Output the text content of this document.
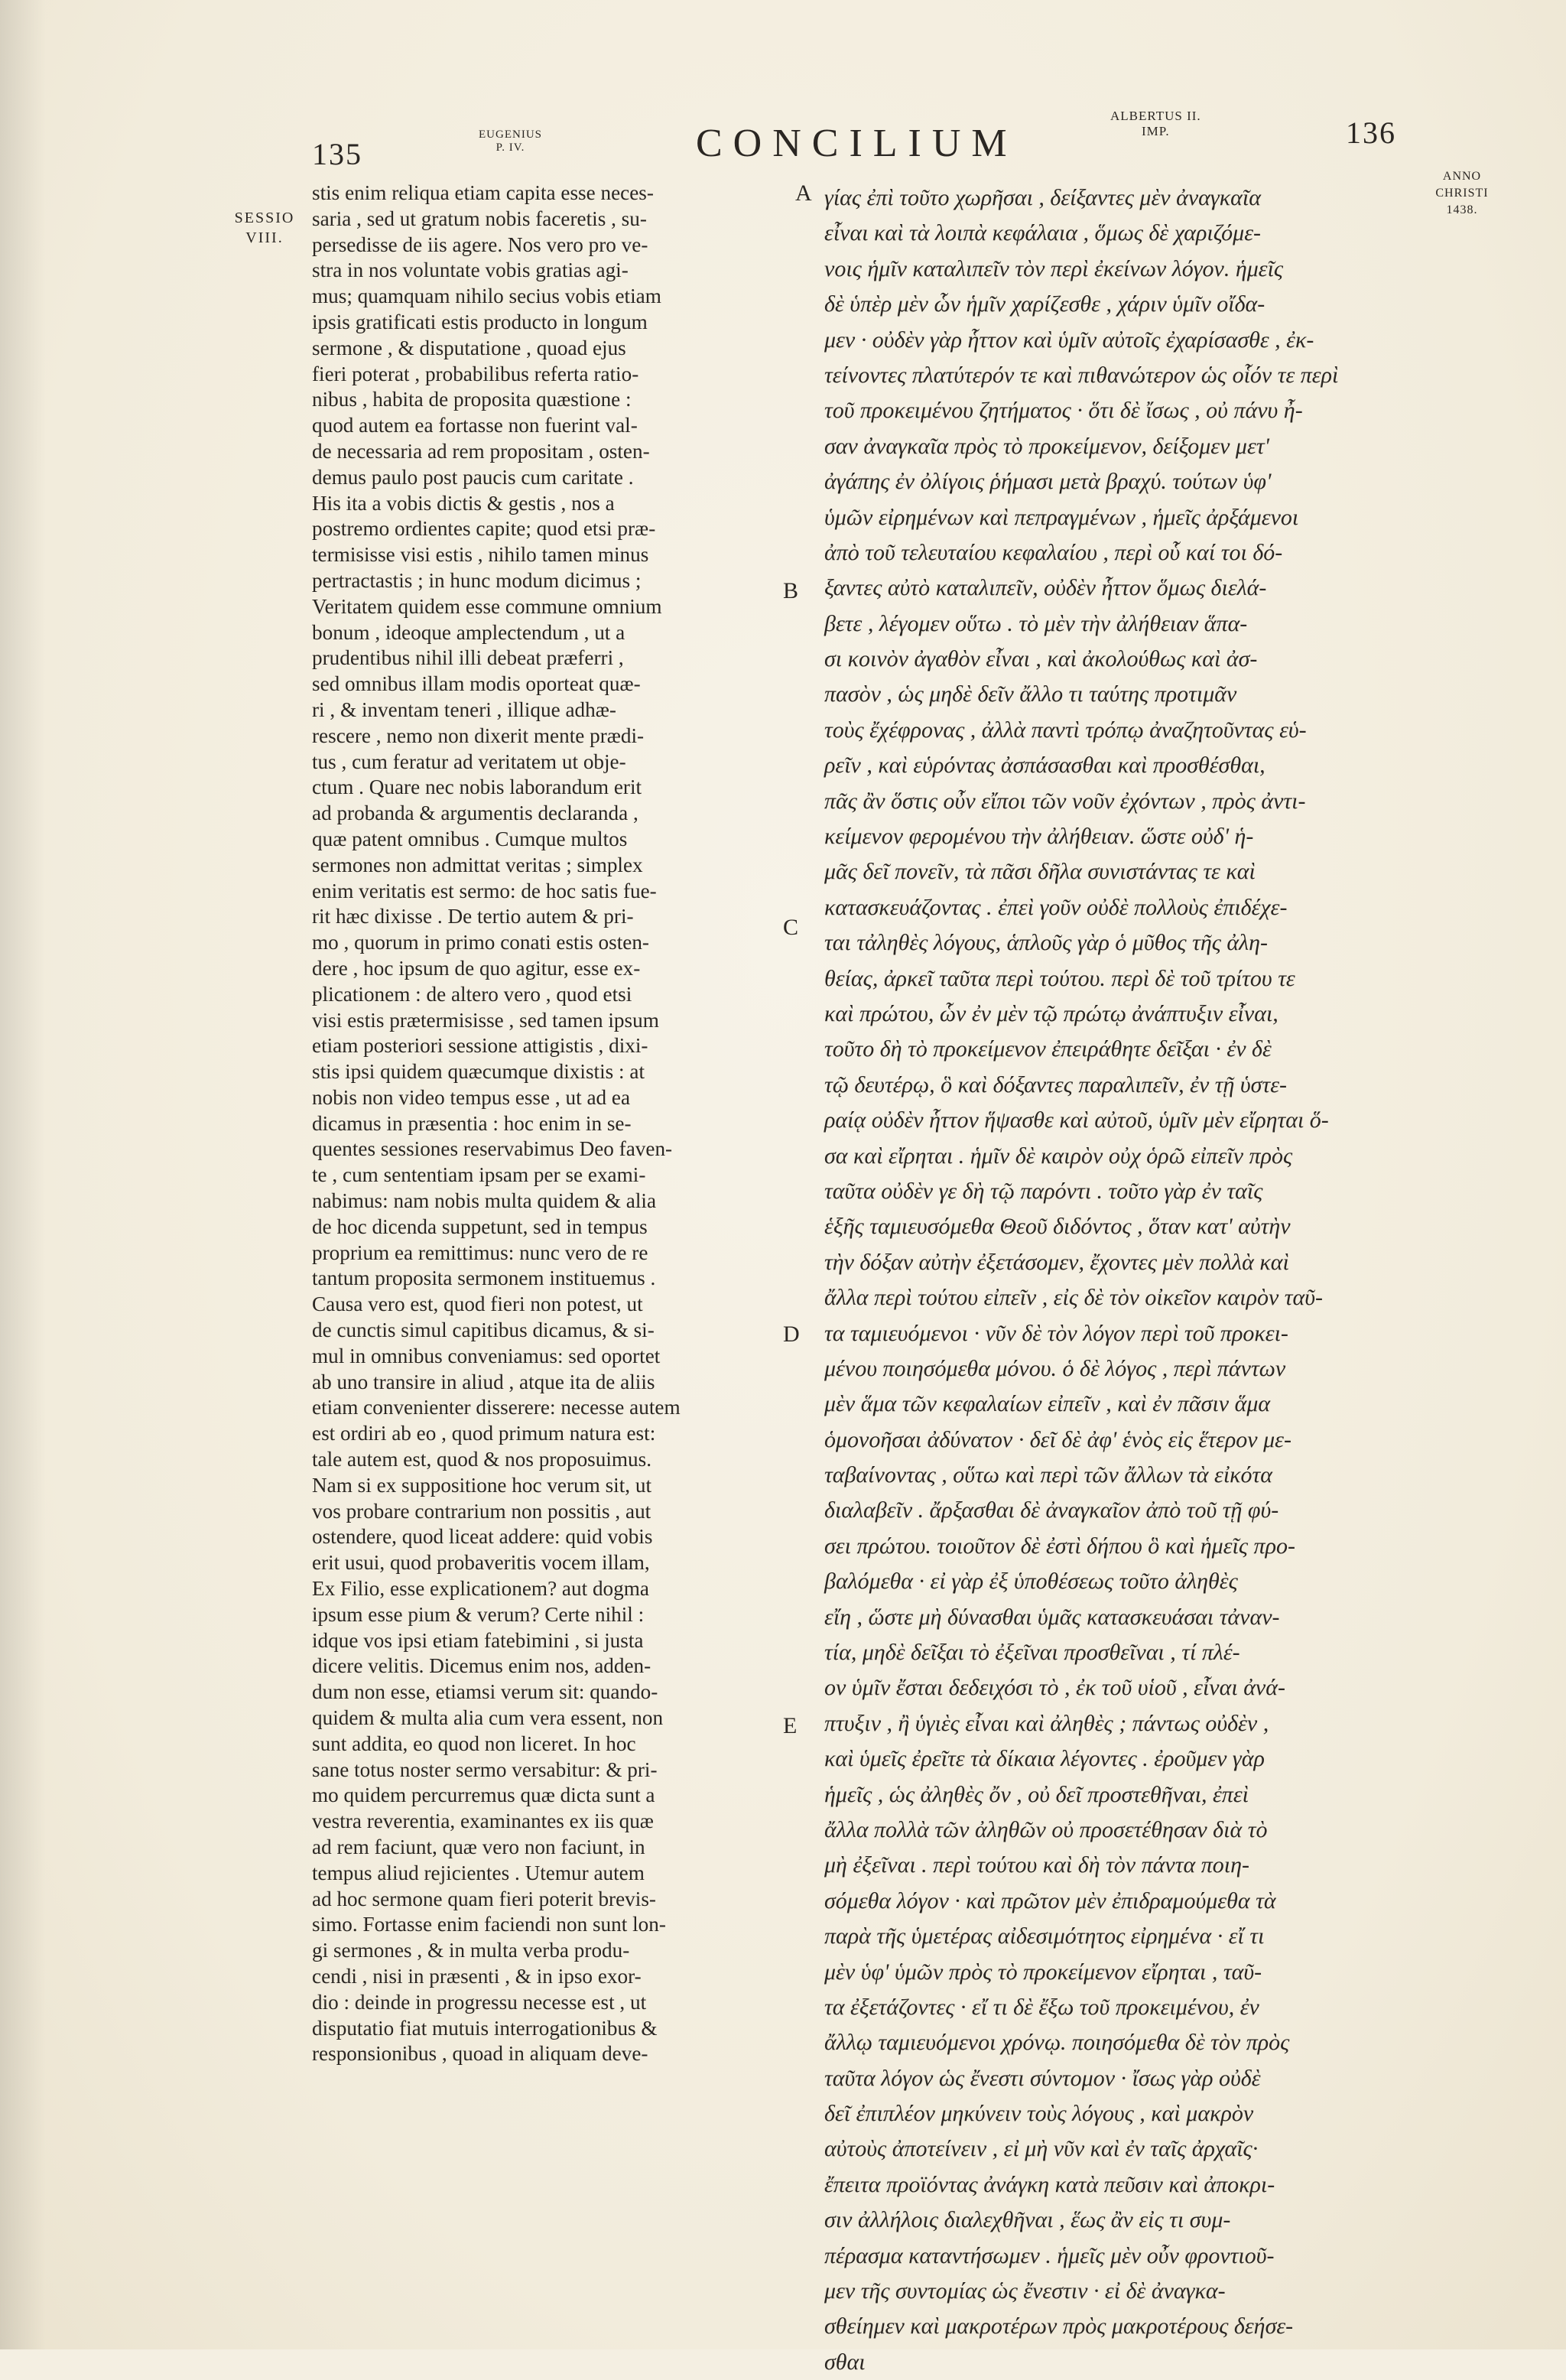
135
EUGENIUS
P. IV.	CONCILIUM
ALBERTUS II.
IMP.	136
SESSIO
VIII.
ANNO
CHRISTI
1438.
A
B
C
D
E
stis enim reliqua etiam capita esse neces-
saria , sed ut gratum nobis faceretis , su-
persedisse de iis agere. Nos vero pro ve-
stra in nos voluntate vobis gratias agi-
mus; quamquam nihilo secius vobis etiam
ipsis gratificati estis producto in longum
sermone , & disputatione , quoad ejus
fieri poterat , probabilibus referta ratio-
nibus , habita de proposita quæstione :
quod autem ea fortasse non fuerint val-
de necessaria ad rem propositam , osten-
demus paulo post paucis cum caritate .
His ita a vobis dictis & gestis , nos a
postremo ordientes capite; quod etsi præ-
termisisse visi estis , nihilo tamen minus
pertractastis ; in hunc modum dicimus ;
Veritatem quidem esse commune omnium
bonum , ideoque amplectendum , ut a
prudentibus nihil illi debeat præferri ,
sed omnibus illam modis oporteat quæ-
ri , & inventam teneri , illique adhæ-
rescere , nemo non dixerit mente prædi-
tus , cum feratur ad veritatem ut obje-
ctum . Quare nec nobis laborandum erit
ad probanda & argumentis declaranda ,
quæ patent omnibus . Cumque multos
sermones non admittat veritas ; simplex
enim veritatis est sermo: de hoc satis fue-
rit hæc dixisse . De tertio autem & pri-
mo , quorum in primo conati estis osten-
dere , hoc ipsum de quo agitur, esse ex-
plicationem : de altero vero , quod etsi
visi estis prætermisisse , sed tamen ipsum
etiam posteriori sessione attigistis , dixi-
stis ipsi quidem quæcumque dixistis : at
nobis non video tempus esse , ut ad ea
dicamus in præsentia : hoc enim in se-
quentes sessiones reservabimus Deo faven-
te , cum sententiam ipsam per se exami-
nabimus: nam nobis multa quidem & alia
de hoc dicenda suppetunt, sed in tempus
proprium ea remittimus: nunc vero de re
tantum proposita sermonem instituemus .
Causa vero est, quod fieri non potest, ut
de cunctis simul capitibus dicamus, & si-
mul in omnibus conveniamus: sed oportet
ab uno transire in aliud , atque ita de aliis
etiam convenienter disserere: necesse autem
est ordiri ab eo , quod primum natura est:
tale autem est, quod & nos proposuimus.
Nam si ex suppositione hoc verum sit, ut
vos probare contrarium non possitis , aut
ostendere, quod liceat addere: quid vobis
erit usui, quod probaveritis vocem illam,
Ex Filio, esse explicationem? aut dogma
ipsum esse pium & verum? Certe nihil :
idque vos ipsi etiam fatebimini , si justa
dicere velitis. Dicemus enim nos, adden-
dum non esse, etiamsi verum sit: quando-
quidem & multa alia cum vera essent, non
sunt addita, eo quod non liceret. In hoc
sane totus noster sermo versabitur: & pri-
mo quidem percurremus quæ dicta sunt a
vestra reverentia, examinantes ex iis quæ
ad rem faciunt, quæ vero non faciunt, in
tempus aliud rejicientes . Utemur autem
ad hoc sermone quam fieri poterit brevis-
simo. Fortasse enim faciendi non sunt lon-
gi sermones , & in multa verba produ-
cendi , nisi in præsenti , & in ipso exor-
dio : deinde in progressu necesse est , ut
disputatio fiat mutuis interrogationibus &
responsionibus , quoad in aliquam deve-
γίας ἐπὶ τοῦτο χωρῆσαι , δείξαντες μὲν ἀναγκαῖα
εἶναι καὶ τὰ λοιπὰ κεφάλαια , ὅμως δὲ χαριζόμε-
νοις ἡμῖν καταλιπεῖν τὸν περὶ ἐκείνων λόγον. ἡμεῖς
δὲ ὑπὲρ μὲν ὧν ἡμῖν χαρίζεσθε , χάριν ὑμῖν οἴδα-
μεν · οὐδὲν γὰρ ἧττον καὶ ὑμῖν αὐτοῖς ἐχαρίσασθε , ἐκ-
τείνοντες πλατύτερόν τε καὶ πιθανώτερον ὡς οἷόν τε περὶ
τοῦ προκειμένου ζητήματος · ὅτι δὲ ἴσως , οὐ πάνυ ἦ-
σαν ἀναγκαῖα πρὸς τὸ προκείμενον, δείξομεν μετ'
ἀγάπης ἐν ὀλίγοις ῥήμασι μετὰ βραχύ. τούτων ὑφ'
ὑμῶν εἰρημένων καὶ πεπραγμένων , ἡμεῖς ἀρξάμενοι
ἀπὸ τοῦ τελευταίου κεφαλαίου , περὶ οὗ καί τοι δό-
ξαντες αὐτὸ καταλιπεῖν, οὐδὲν ἧττον ὅμως διελά-
βετε , λέγομεν οὕτω . τὸ μὲν τὴν ἀλήθειαν ἅπα-
σι κοινὸν ἀγαθὸν εἶναι , καὶ ἀκολούθως καὶ ἀσ-
πασὸν , ὡς μηδὲ δεῖν ἄλλο τι ταύτης προτιμᾶν
τοὺς ἔχέφρονας , ἀλλὰ παντὶ τρόπῳ ἀναζητοῦντας εὑ-
ρεῖν , καὶ εὑρόντας ἀσπάσασθαι καὶ προσθέσθαι,
πᾶς ἂν ὅστις οὖν εἴποι τῶν νοῦν ἐχόντων , πρὸς ἀντι-
κείμενον φερομένου τὴν ἀλήθειαν. ὥστε οὐδ' ἡ-
μᾶς δεῖ πονεῖν, τὰ πᾶσι δῆλα συνιστάντας τε καὶ
κατασκευάζοντας . ἐπεὶ γοῦν οὐδὲ πολλοὺς ἐπιδέχε-
ται τἀληθὲς λόγους, ἁπλοῦς γὰρ ὁ μῦθος τῆς ἀλη-
θείας, ἀρκεῖ ταῦτα περὶ τούτου. περὶ δὲ τοῦ τρίτου τε
καὶ πρώτου, ὧν ἐν μὲν τῷ πρώτῳ ἀνάπτυξιν εἶναι,
τοῦτο δὴ τὸ προκείμενον ἐπειράθητε δεῖξαι · ἐν δὲ
τῷ δευτέρῳ, ὃ καὶ δόξαντες παραλιπεῖν, ἐν τῇ ὑστε-
ραίᾳ οὐδὲν ἧττον ἥψασθε καὶ αὐτοῦ, ὑμῖν μὲν εἴρηται ὅ-
σα καὶ εἴρηται . ἡμῖν δὲ καιρὸν οὐχ ὁρῶ εἰπεῖν πρὸς
ταῦτα οὐδὲν γε δὴ τῷ παρόντι . τοῦτο γὰρ ἐν ταῖς
ἑξῆς ταμιευσόμεθα Θεοῦ διδόντος , ὅταν κατ' αὐτὴν
τὴν δόξαν αὐτὴν ἐξετάσομεν, ἔχοντες μὲν πολλὰ καὶ
ἄλλα περὶ τούτου εἰπεῖν , εἰς δὲ τὸν οἰκεῖον καιρὸν ταῦ-
τα ταμιευόμενοι · νῦν δὲ τὸν λόγον περὶ τοῦ προκει-
μένου ποιησόμεθα μόνου. ὁ δὲ λόγος , περὶ πάντων
μὲν ἅμα τῶν κεφαλαίων εἰπεῖν , καὶ ἐν πᾶσιν ἅμα
ὁμονοῆσαι ἀδύνατον · δεῖ δὲ ἀφ' ἑνὸς εἰς ἕτερον με-
ταβαίνοντας , οὕτω καὶ περὶ τῶν ἄλλων τὰ εἰκότα
διαλαβεῖν . ἄρξασθαι δὲ ἀναγκαῖον ἀπὸ τοῦ τῇ φύ-
σει πρώτου. τοιοῦτον δὲ ἐστὶ δήπου ὃ καὶ ἡμεῖς προ-
βαλόμεθα · εἰ γὰρ ἐξ ὑποθέσεως τοῦτο ἀληθὲς
εἴη , ὥστε μὴ δύνασθαι ὑμᾶς κατασκευάσαι τἀναν-
τία, μηδὲ δεῖξαι τὸ ἐξεῖναι προσθεῖναι , τί πλέ-
ον ὑμῖν ἔσται δεδειχόσι τὸ , ἐκ τοῦ υἱοῦ , εἶναι ἀνά-
πτυξιν , ἢ ὑγιὲς εἶναι καὶ ἀληθὲς ; πάντως οὐδὲν ,
καὶ ὑμεῖς ἐρεῖτε τὰ δίκαια λέγοντες . ἐροῦμεν γὰρ
ἡμεῖς , ὡς ἀληθὲς ὄν , οὐ δεῖ προστεθῆναι, ἐπεὶ
ἄλλα πολλὰ τῶν ἀληθῶν οὐ προσετέθησαν διὰ τὸ
μὴ ἐξεῖναι . περὶ τούτου καὶ δὴ τὸν πάντα ποιη-
σόμεθα λόγον · καὶ πρῶτον μὲν ἐπιδραμούμεθα τὰ
παρὰ τῆς ὑμετέρας αἰδεσιμότητος εἰρημένα · εἴ τι
μὲν ὑφ' ὑμῶν πρὸς τὸ προκείμενον εἴρηται , ταῦ-
τα ἐξετάζοντες · εἴ τι δὲ ἔξω τοῦ προκειμένου, ἐν
ἄλλῳ ταμιευόμενοι χρόνῳ. ποιησόμεθα δὲ τὸν πρὸς
ταῦτα λόγον ὡς ἔνεστι σύντομον · ἴσως γὰρ οὐδὲ
δεῖ ἐπιπλέον μηκύνειν τοὺς λόγους , καὶ μακρὸν
αὐτοὺς ἀποτείνειν , εἰ μὴ νῦν καὶ ἐν ταῖς ἀρχαῖς·
ἔπειτα προϊόντας ἀνάγκη κατὰ πεῦσιν καὶ ἀποκρι-
σιν ἀλλήλοις διαλεχθῆναι , ἕως ἂν εἰς τι συμ-
πέρασμα καταντήσωμεν . ἡμεῖς μὲν οὖν φροντιοῦ-
μεν τῆς συντομίας ὡς ἔνεστιν · εἰ δὲ ἀναγκα-
σθείημεν καὶ μακροτέρων πρὸς μακροτέρους δεήσε-
σθαι
